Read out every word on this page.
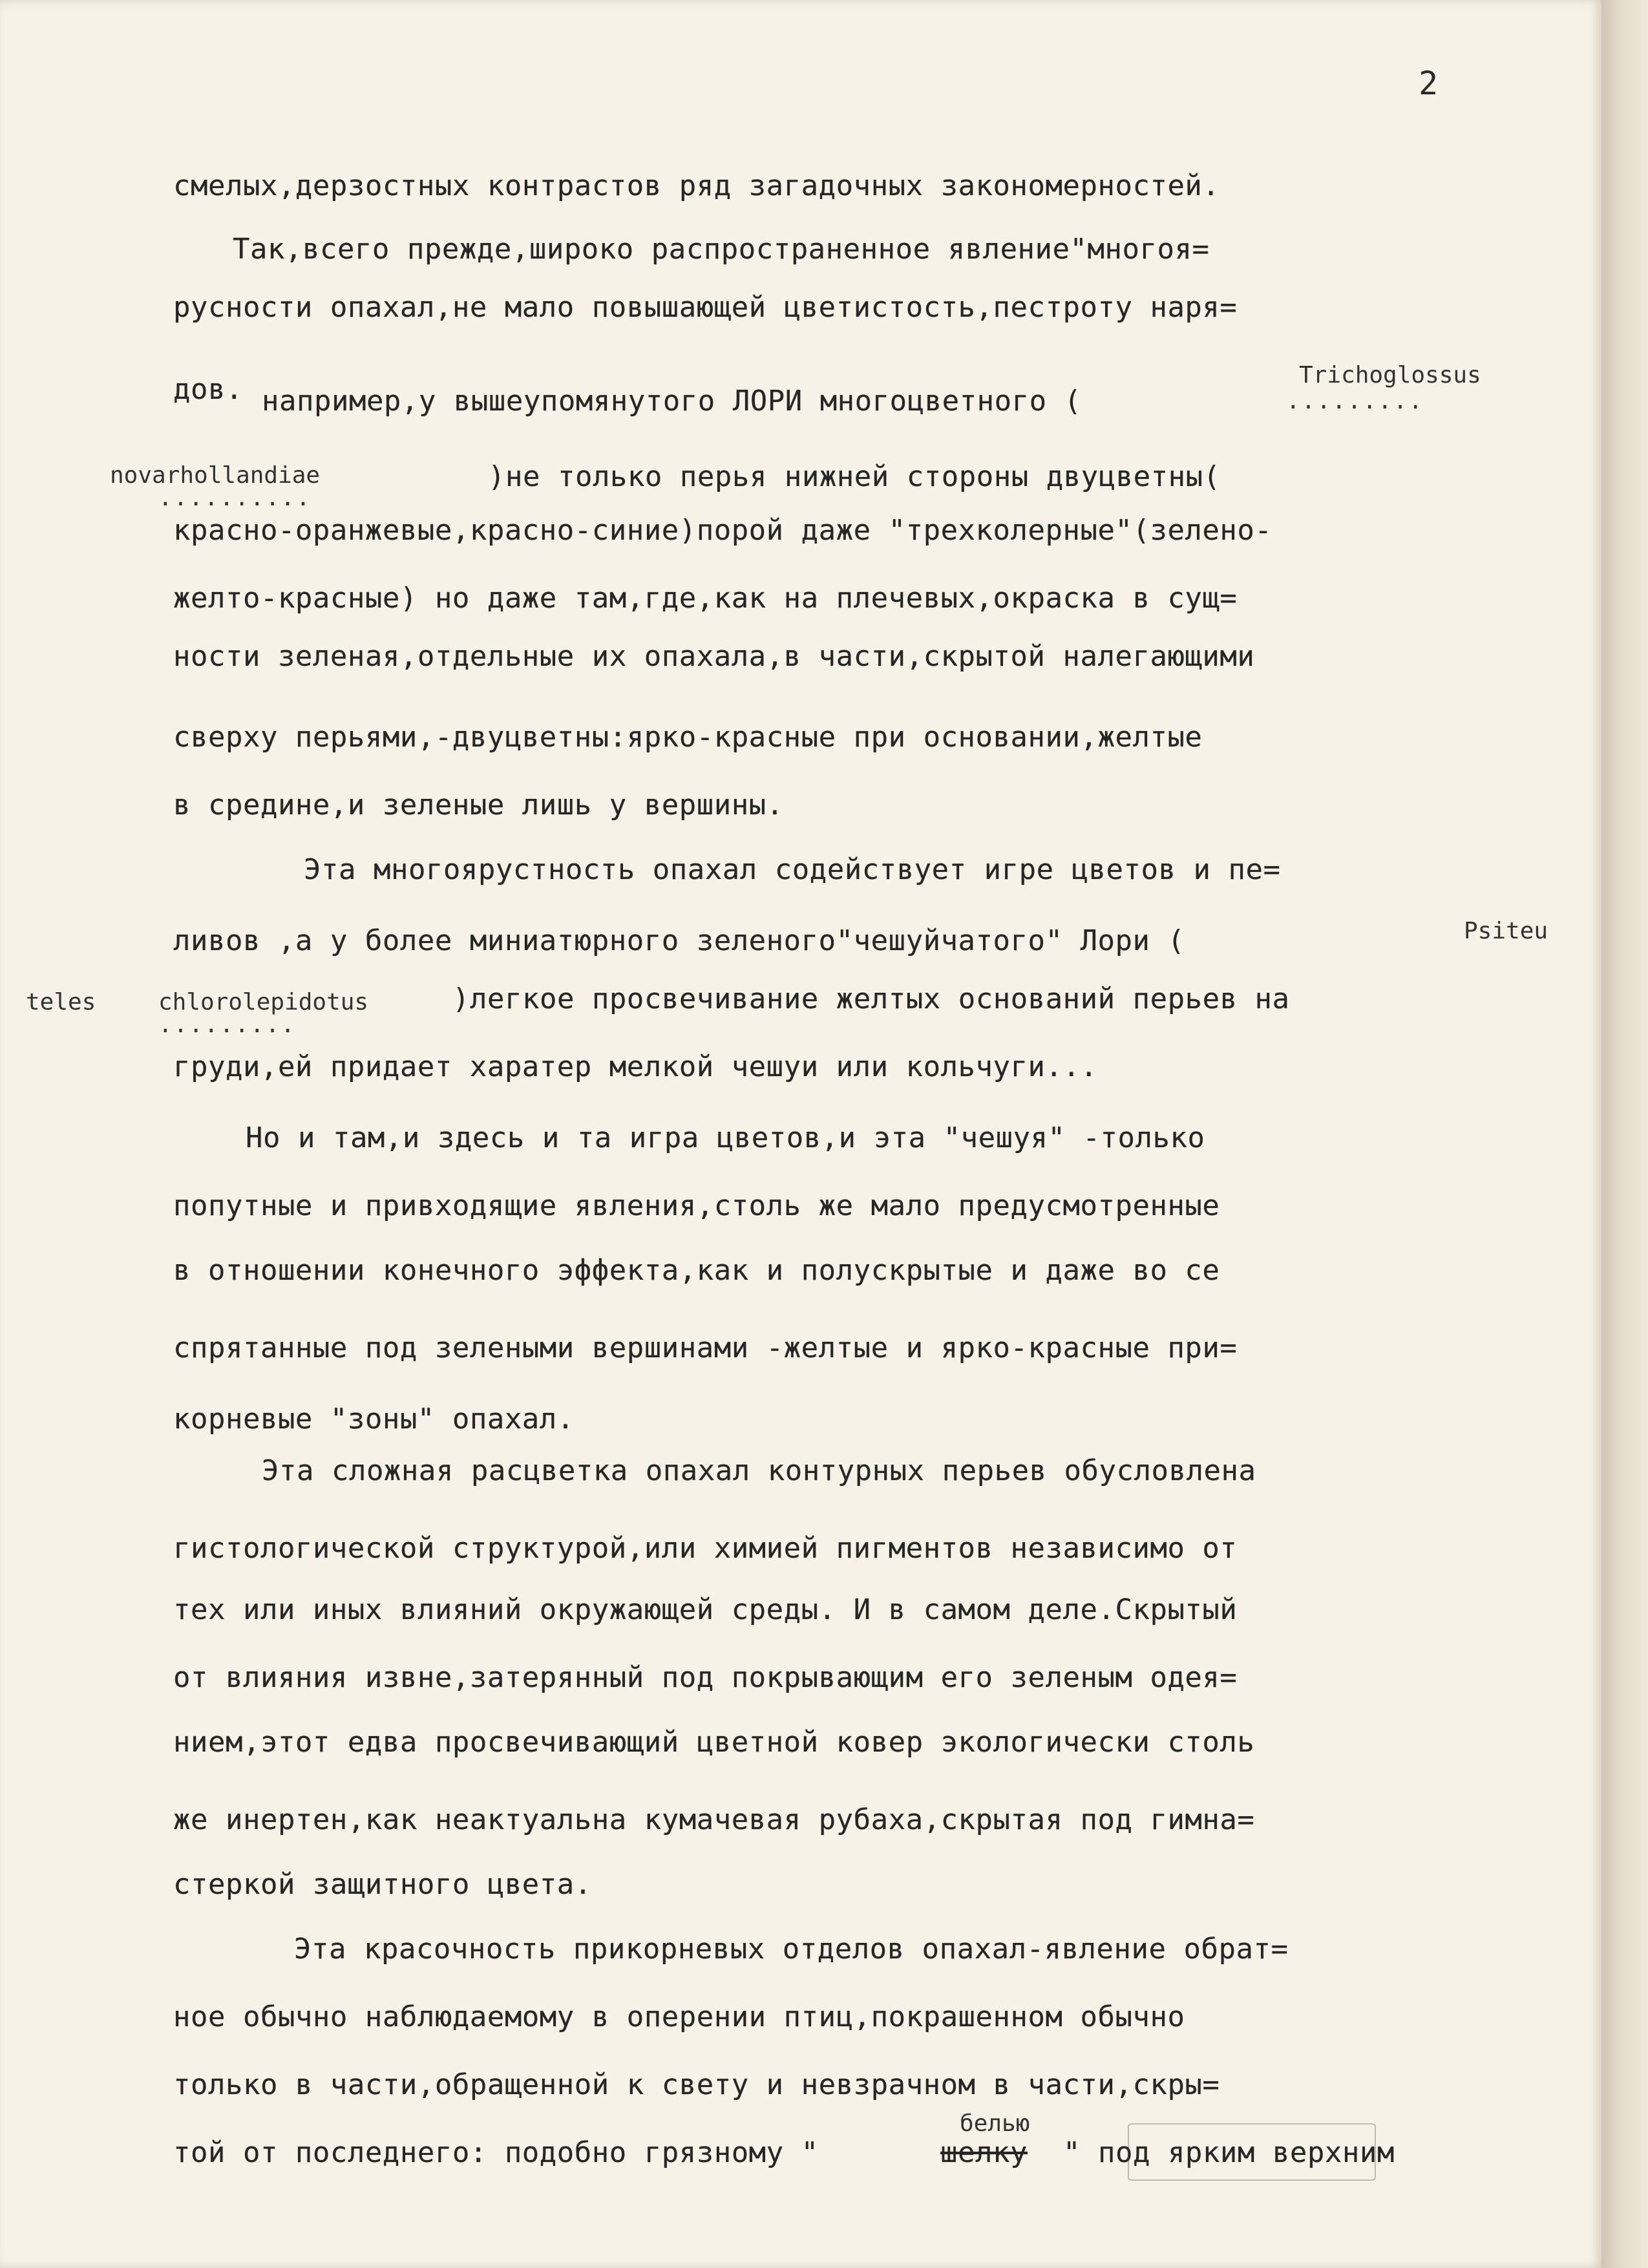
2
смелых,дерзостных контрастов ряд загадочных закономерностей.
Так,всего прежде,широко распространенное явление"многоя=
русности опахал,не мало повышающей цветистость,пестроту наря=
дов. например,у вышеупомянутого ЛОРИ многоцветного (
Trichoglossus
.........
novarhollandiae
..........
)не только перья нижней стороны двуцветны(
красно-оранжевые,красно-синие)порой даже "трехколерные"(зелено-
желто-красные) но даже там,где,как на плечевых,окраска в сущ=
ности зеленая,отдельные их опахала,в части,скрытой налегающими
сверху перьями,-двуцветны:ярко-красные при основании,желтые
в средине,и зеленые лишь у вершины.
Эта многоярустность опахал содействует игре цветов и пе=
ливов ,а у более миниатюрного зеленого"чешуйчатого" Лори (	Psiteu
teles	chlorolepidotus
.........
)легкое просвечивание желтых оснований перьев на
груди,ей придает харатер мелкой чешуи или кольчуги...
Но и там,и здесь и та игра цветов,и эта "чешуя" -только
попутные и привходящие явления,столь же мало предусмотренные
в отношении конечного эффекта,как и полускрытые и даже во се
спрятанные под зелеными вершинами -желтые и ярко-красные при=
корневые "зоны" опахал.
Эта сложная расцветка опахал контурных перьев обусловлена
гистологической структурой,или химией пигментов независимо от
тех или иных влияний окружающей среды. И в самом деле.Скрытый
от влияния извне,затерянный под покрывающим его зеленым одея=
нием,этот едва просвечивающий цветной ковер экологически столь
же инертен,как неактуальна кумачевая рубаха,скрытая под гимна=
стеркой защитного цвета.
Эта красочность прикорневых отделов опахал-явление обрат=
ное обычно наблюдаемому в оперении птиц,покрашенном обычно
только в части,обращенной к свету и невзрачном в части,скры=
той от последнего: подобно грязному "
белью
шелку " под ярким верхним
